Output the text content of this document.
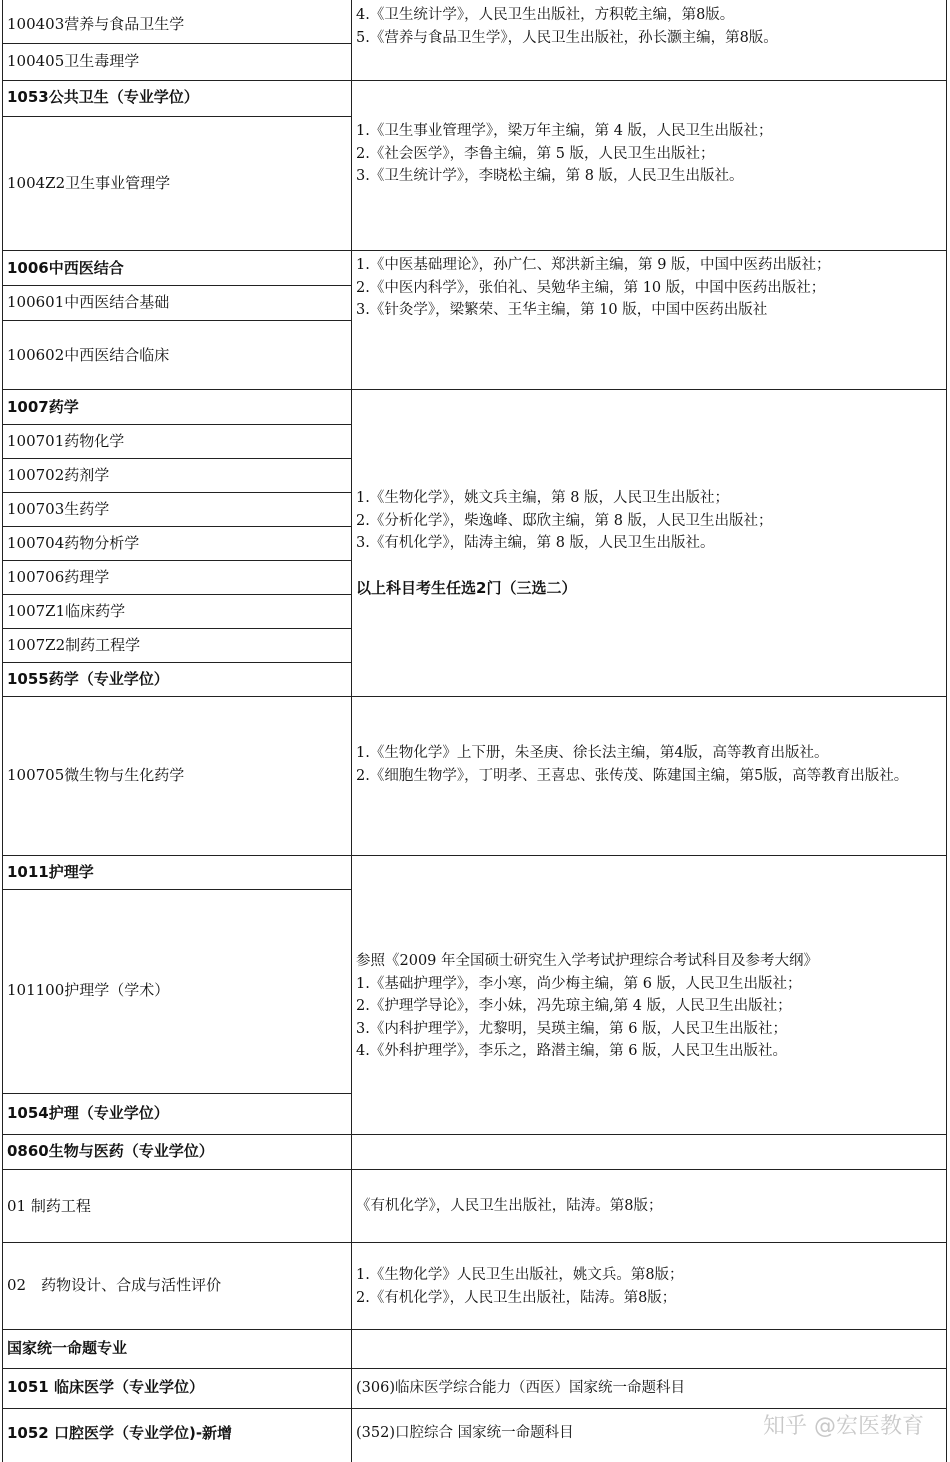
100403营养与食品卫生学
100405卫生毒理学
1053公共卫生（专业学位）
1004Z2卫生事业管理学
1006中西医结合
100601中西医结合基础
100602中西医结合临床
1007药学
100701药物化学
100702药剂学
100703生药学
100704药物分析学
100706药理学
1007Z1临床药学
1007Z2制药工程学
1055药学（专业学位）
100705微生物与生化药学
1011护理学
101100护理学（学术）
1054护理（专业学位）
0860生物与医药（专业学位）
01 制药工程
02　药物设计、合成与活性评价
国家统一命题专业
1051 临床医学（专业学位）
1052 口腔医学（专业学位)-新增
4.《卫生统计学》，人民卫生出版社，方积乾主编，第8版。
5.《营养与食品卫生学》，人民卫生出版社，孙长灏主编，第8版。
1.《卫生事业管理学》，梁万年主编，第 4 版，人民卫生出版社；
2.《社会医学》，李鲁主编，第 5 版，人民卫生出版社；
3.《卫生统计学》，李晓松主编，第 8 版，人民卫生出版社。
1.《中医基础理论》，孙广仁、郑洪新主编，第 9 版，中国中医药出版社；
2.《中医内科学》，张伯礼、吴勉华主编，第 10 版，中国中医药出版社；
3.《针灸学》，梁繁荣、王华主编，第 10 版，中国中医药出版社
1.《生物化学》，姚文兵主编，第 8 版，人民卫生出版社；
2.《分析化学》，柴逸峰、邸欣主编，第 8 版，人民卫生出版社；
3.《有机化学》，陆涛主编，第 8 版，人民卫生出版社。
以上科目考生任选2门（三选二）
1.《生物化学》上下册，朱圣庚、徐长法主编，第4版，高等教育出版社。
2.《细胞生物学》，丁明孝、王喜忠、张传茂、陈建国主编，第5版，高等教育出版社。
参照《2009 年全国硕士研究生入学考试护理综合考试科目及参考大纲》
1.《基础护理学》，李小寒，尚少梅主编，第 6 版，人民卫生出版社；
2.《护理学导论》，李小妹，冯先琼主编,第 4 版，人民卫生出版社；
3.《内科护理学》，尤黎明，吴瑛主编，第 6 版，人民卫生出版社；
4.《外科护理学》，李乐之，路潜主编，第 6 版，人民卫生出版社。
《有机化学》，人民卫生出版社，陆涛。第8版；
1.《生物化学》人民卫生出版社，姚文兵。第8版；
2.《有机化学》，人民卫生出版社，陆涛。第8版；
(306)临床医学综合能力（西医）国家统一命题科目
(352)口腔综合 国家统一命题科目	知乎 @宏医教育
